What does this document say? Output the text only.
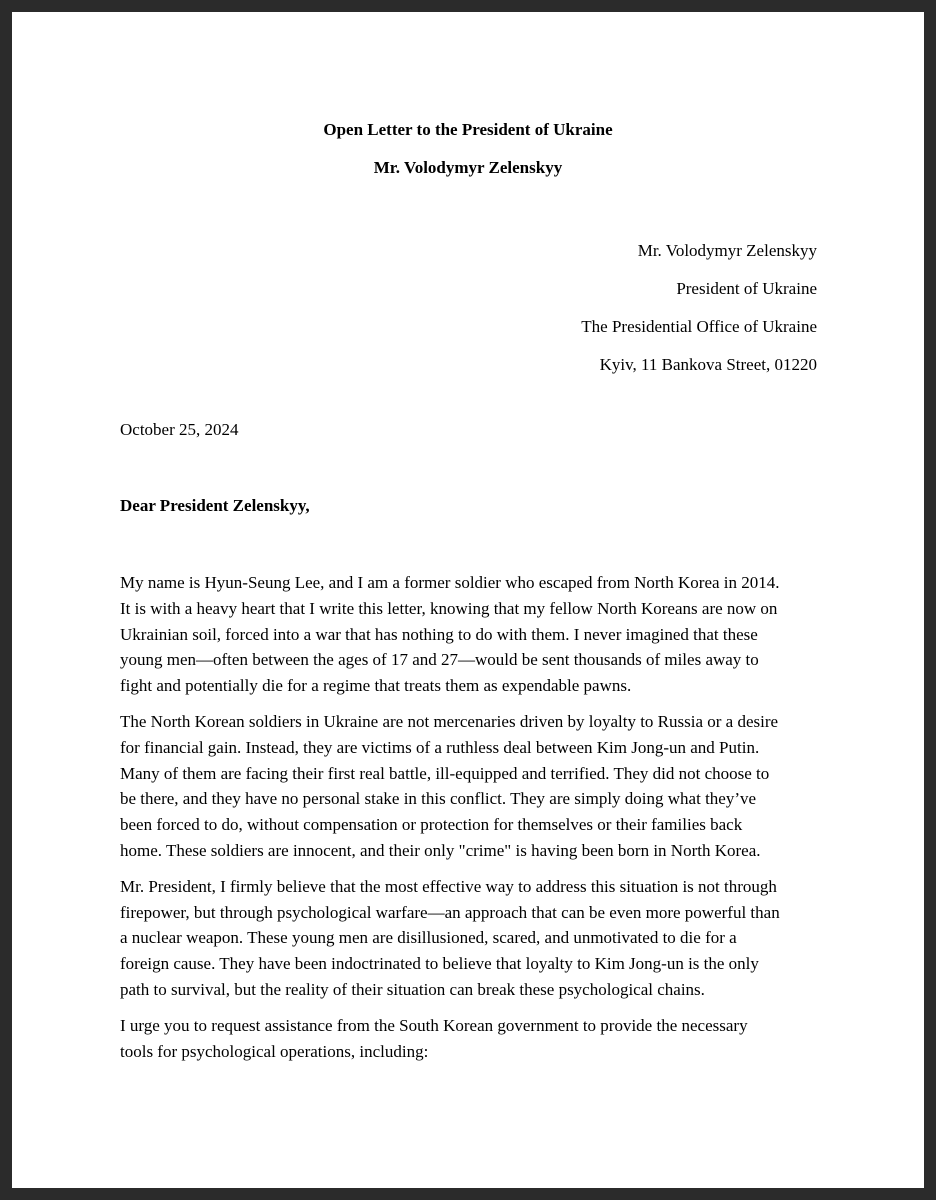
Open Letter to the President of Ukraine
Mr. Volodymyr Zelenskyy
Mr. Volodymyr Zelenskyy
President of Ukraine
The Presidential Office of Ukraine
Kyiv, 11 Bankova Street, 01220
October 25, 2024
Dear President Zelenskyy,

My name is Hyun-Seung Lee, and I am a former soldier who escaped from North Korea in 2014.
It is with a heavy heart that I write this letter, knowing that my fellow North Koreans are now on
Ukrainian soil, forced into a war that has nothing to do with them. I never imagined that these
young men—often between the ages of 17 and 27—would be sent thousands of miles away to
fight and potentially die for a regime that treats them as expendable pawns.

The North Korean soldiers in Ukraine are not mercenaries driven by loyalty to Russia or a desire
for financial gain. Instead, they are victims of a ruthless deal between Kim Jong-un and Putin.
Many of them are facing their first real battle, ill-equipped and terrified. They did not choose to
be there, and they have no personal stake in this conflict. They are simply doing what they’ve
been forced to do, without compensation or protection for themselves or their families back
home. These soldiers are innocent, and their only "crime" is having been born in North Korea.

Mr. President, I firmly believe that the most effective way to address this situation is not through
firepower, but through psychological warfare—an approach that can be even more powerful than
a nuclear weapon. These young men are disillusioned, scared, and unmotivated to die for a
foreign cause. They have been indoctrinated to believe that loyalty to Kim Jong-un is the only
path to survival, but the reality of their situation can break these psychological chains.

I urge you to request assistance from the South Korean government to provide the necessary
tools for psychological operations, including:
